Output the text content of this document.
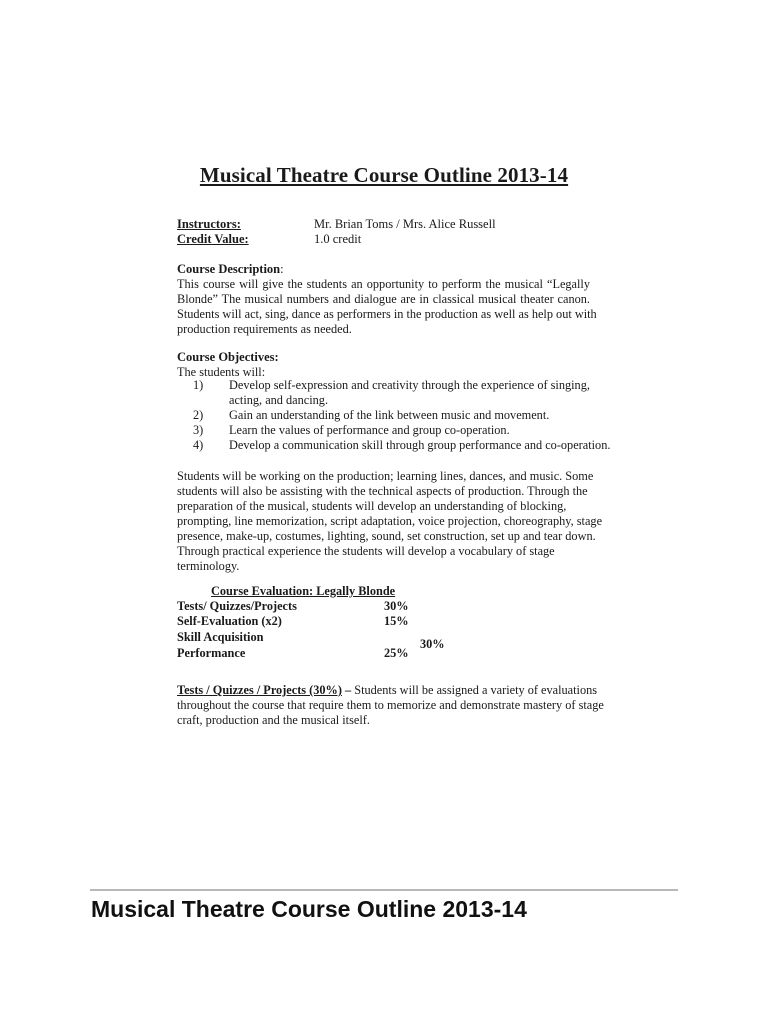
Musical Theatre Course Outline 2013-14
Instructors:	Mr. Brian Toms / Mrs. Alice Russell
Credit Value:	1.0 credit
Course Description:
This course will give the students an opportunity to perform the musical “Legally
Blonde” The musical numbers and dialogue are in classical musical theater canon.
Students will act, sing, dance as performers in the production as well as help out with
production requirements as needed.
Course Objectives:
The students will:
1) Develop self-expression and creativity through the experience of singing,
acting, and dancing.
2) Gain an understanding of the link between music and movement.
3) Learn the values of performance and group co-operation.
4) Develop a communication skill through group performance and co-operation.
Students will be working on the production; learning lines, dances, and music. Some
students will also be assisting with the technical aspects of production. Through the
preparation of the musical, students will develop an understanding of blocking,
prompting, line memorization, script adaptation, voice projection, choreography, stage
presence, make-up, costumes, lighting, sound, set construction, set up and tear down.
Through practical experience the students will develop a vocabulary of stage
terminology.
Course Evaluation: Legally Blonde
Tests/ Quizzes/Projects	30%
Self-Evaluation (x2)	15%
Skill Acquisition	30%
Performance	25%
Tests / Quizzes / Projects (30%) – Students will be assigned a variety of evaluations
throughout the course that require them to memorize and demonstrate mastery of stage
craft, production and the musical itself.
Musical Theatre Course Outline 2013-14
